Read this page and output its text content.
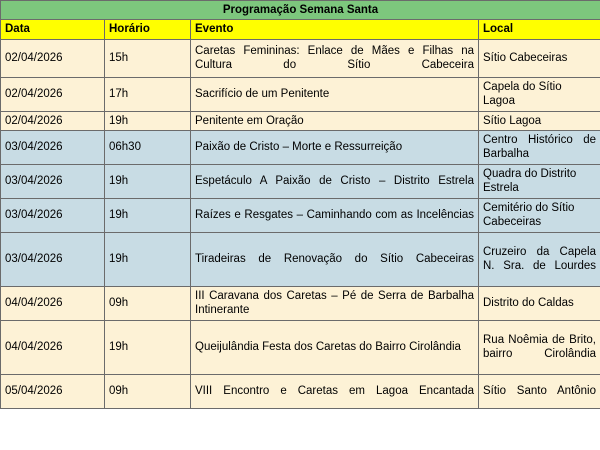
Programação Semana Santa			
Data	Horário	Evento	Local
02/04/2026	15h	Caretas Femininas: Enlace de Mães e Filhas na Cultura do Sítio Cabeceira	Sítio Cabeceiras
02/04/2026	17h	Sacrifício de um Penitente	Capela do Sítio Lagoa
02/04/2026	19h	Penitente em Oração	Sítio Lagoa
03/04/2026	06h30	Paixão de Cristo – Morte e Ressurreição	Centro Histórico de Barbalha
03/04/2026	19h	Espetáculo A Paixão de Cristo – Distrito Estrela	Quadra do Distrito Estrela
03/04/2026	19h	Raízes e Resgates – Caminhando com as Incelências	Cemitério do Sítio Cabeceiras
03/04/2026	19h	Tiradeiras de Renovação do Sítio Cabeceiras	Cruzeiro da Capela N. Sra. de Lourdes
04/04/2026	09h	III Caravana dos Caretas – Pé de Serra de Barbalha Intinerante	Distrito do Caldas
04/04/2026	19h	Queijulândia Festa dos Caretas do Bairro Cirolândia	Rua Noêmia de Brito, bairro Cirolândia
05/04/2026	09h	VIII Encontro e Caretas em Lagoa Encantada	Sítio Santo Antônio
